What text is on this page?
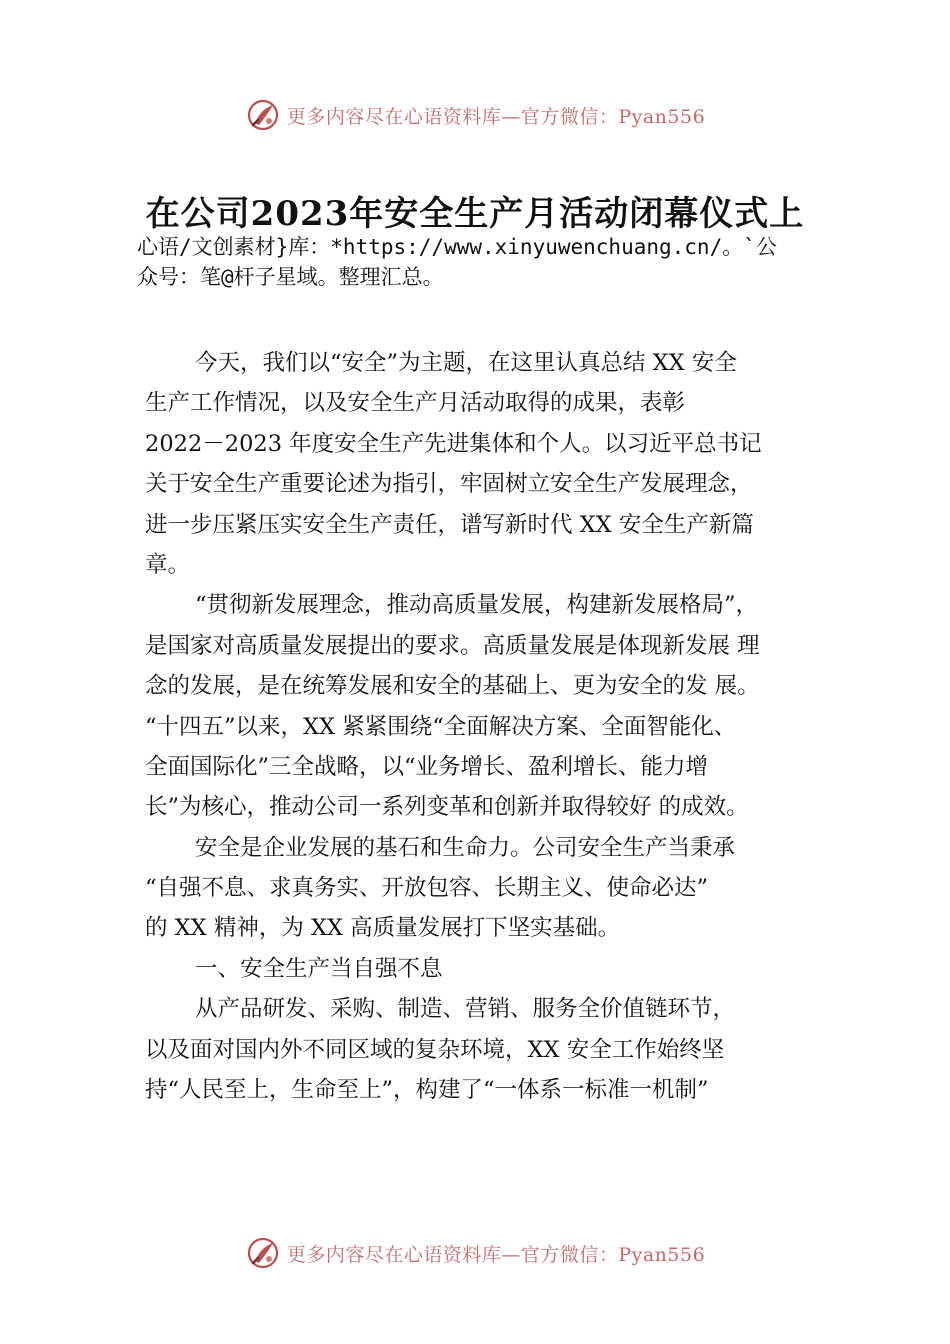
更多内容尽在心语资料库—官方微信：Pyan556
在公司2023年安全生产月活动闭幕仪式上
心语/文创素材}库：*https://www.xinyuwenchuang.cn/。`公
众号：笔@杆子星域。整理汇总。
今天，我们以“安全”为主题，在这里认真总结 XX 安全
生产工作情况，以及安全生产月活动取得的成果，表彰
2022－2023 年度安全生产先进集体和个人。以习近平总书记
关于安全生产重要论述为指引，牢固树立安全生产发展理念，
进一步压紧压实安全生产责任，谱写新时代 XX 安全生产新篇
章。
“贯彻新发展理念，推动高质量发展，构建新发展格局”，
是国家对高质量发展提出的要求。高质量发展是体现新发展 理
念的发展，是在统筹发展和安全的基础上、更为安全的发 展。
“十四五”以来，XX 紧紧围绕“全面解决方案、全面智能化、
全面国际化”三全战略，以“业务增长、盈利增长、能力增
长”为核心，推动公司一系列变革和创新并取得较好 的成效。
安全是企业发展的基石和生命力。公司安全生产当秉承
“自强不息、求真务实、开放包容、长期主义、使命必达”
的 XX 精神，为 XX 高质量发展打下坚实基础。
一、安全生产当自强不息
从产品研发、采购、制造、营销、服务全价值链环节，
以及面对国内外不同区域的复杂环境，XX 安全工作始终坚
持“人民至上，生命至上”，构建了“一体系一标准一机制”
更多内容尽在心语资料库—官方微信：Pyan556
